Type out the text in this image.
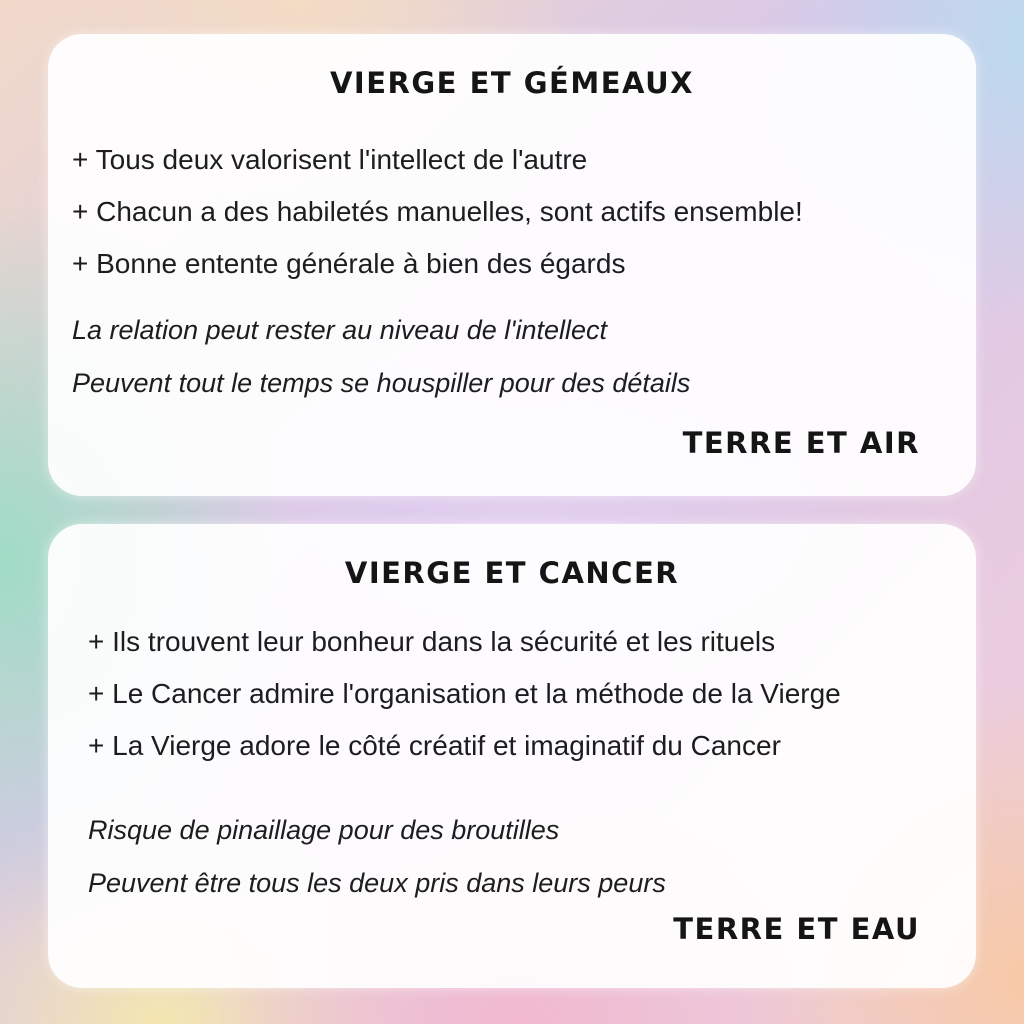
VIERGE ET GÉMEAUX
+ Tous deux valorisent l'intellect de l'autre
+ Chacun a des habiletés manuelles, sont actifs ensemble!
+ Bonne entente générale à bien des égards
La relation peut rester au niveau de l'intellect
Peuvent tout le temps se houspiller pour des détails
TERRE ET AIR
VIERGE ET CANCER
+ Ils trouvent leur bonheur dans la sécurité et les rituels
+ Le Cancer admire l'organisation et la méthode de la Vierge
+ La Vierge adore le côté créatif et imaginatif du Cancer
Risque de pinaillage pour des broutilles
Peuvent être tous les deux pris dans leurs peurs
TERRE ET EAU
